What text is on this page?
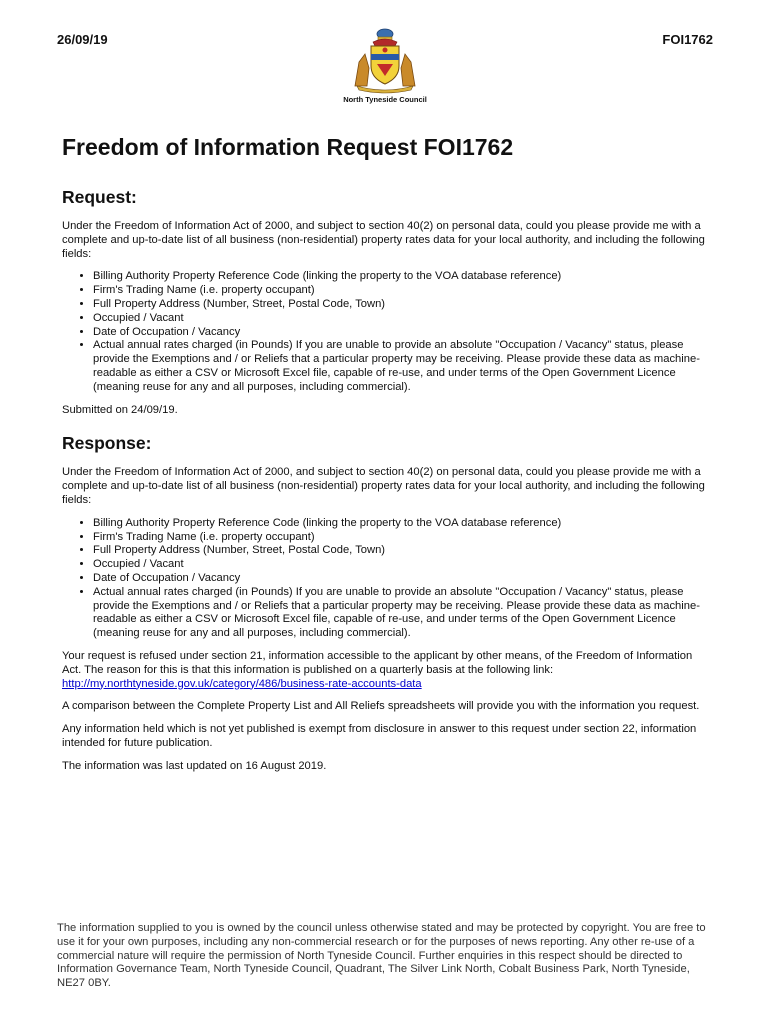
26/09/19	FOI1762
North Tyneside Council
Freedom of Information Request FOI1762
Request:

Under the Freedom of Information Act of 2000, and subject to section 40(2) on personal data, could you please provide me with a complete and up-to-date list of all business (non-residential) property rates data for your local authority, and including the following fields:

• Billing Authority Property Reference Code (linking the property to the VOA database reference)
• Firm's Trading Name (i.e. property occupant)
• Full Property Address (Number, Street, Postal Code, Town)
• Occupied / Vacant
• Date of Occupation / Vacancy
• Actual annual rates charged (in Pounds) If you are unable to provide an absolute "Occupation / Vacancy" status, please provide the Exemptions and / or Reliefs that a particular property may be receiving. Please provide these data as machine-readable as either a CSV or Microsoft Excel file, capable of re-use, and under terms of the Open Government Licence (meaning reuse for any and all purposes, including commercial).

Submitted on 24/09/19.

Response:

Under the Freedom of Information Act of 2000, and subject to section 40(2) on personal data, could you please provide me with a complete and up-to-date list of all business (non-residential) property rates data for your local authority, and including the following fields:

• Billing Authority Property Reference Code (linking the property to the VOA database reference)
• Firm's Trading Name (i.e. property occupant)
• Full Property Address (Number, Street, Postal Code, Town)
• Occupied / Vacant
• Date of Occupation / Vacancy
• Actual annual rates charged (in Pounds) If you are unable to provide an absolute "Occupation / Vacancy" status, please provide the Exemptions and / or Reliefs that a particular property may be receiving. Please provide these data as machine-readable as either a CSV or Microsoft Excel file, capable of re-use, and under terms of the Open Government Licence (meaning reuse for any and all purposes, including commercial).

Your request is refused under section 21, information accessible to the applicant by other means, of the Freedom of Information Act. The reason for this is that this information is published on a quarterly basis at the following link:
http://my.northtyneside.gov.uk/category/486/business-rate-accounts-data

A comparison between the Complete Property List and All Reliefs spreadsheets will provide you with the information you request.

Any information held which is not yet published is exempt from disclosure in answer to this request under section 22, information intended for future publication.

The information was last updated on 16 August 2019.

The information supplied to you is owned by the council unless otherwise stated and may be protected by copyright. You are free to use it for your own purposes, including any non-commercial research or for the purposes of news reporting. Any other re-use of a commercial nature will require the permission of North Tyneside Council. Further enquiries in this respect should be directed to Information Governance Team, North Tyneside Council, Quadrant, The Silver Link North, Cobalt Business Park, North Tyneside, NE27 0BY.
